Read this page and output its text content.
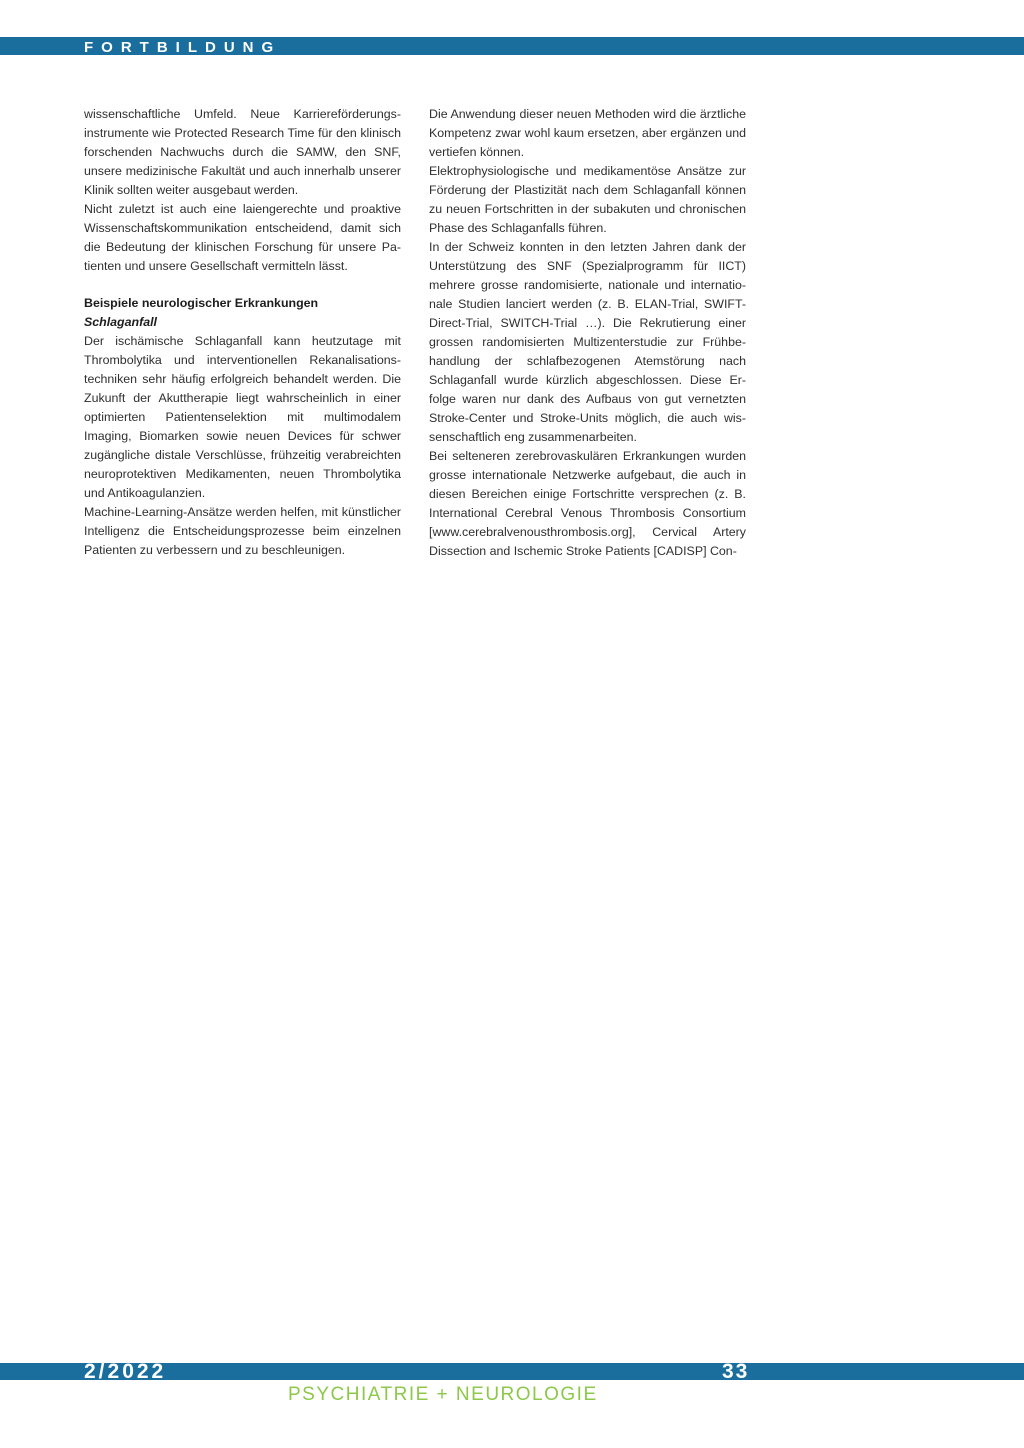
FORTBILDUNG

wissenschaftliche Umfeld. Neue Karriereförderungsinstrumente wie Protected Research Time für den klinisch forschenden Nachwuchs durch die SAMW, den SNF, unsere medizinische Fakultät und auch innerhalb unserer Klinik sollten weiter ausgebaut werden.

Nicht zuletzt ist auch eine laiengerechte und proaktive Wissenschaftskommunikation entscheidend, damit sich die Bedeutung der klinischen Forschung für unsere Patienten und unsere Gesellschaft vermitteln lässt.

Beispiele neurologischer Erkrankungen

Schlaganfall

Der ischämische Schlaganfall kann heutzutage mit Thrombolytika und interventionellen Rekanalisationstechniken sehr häufig erfolgreich behandelt werden. Die Zukunft der Akuttherapie liegt wahrscheinlich in einer optimierten Patientenselektion mit multimodalem Imaging, Biomarken sowie neuen Devices für schwer zugängliche distale Verschlüsse, frühzeitig verabreichten neuroprotektiven Medikamenten, neuen Thrombolytika und Antikoagulanzien.

Machine-Learning-Ansätze werden helfen, mit künstlicher Intelligenz die Entscheidungsprozesse beim einzelnen Patienten zu verbessern und zu beschleunigen.

Die Anwendung dieser neuen Methoden wird die ärztliche Kompetenz zwar wohl kaum ersetzen, aber ergänzen und vertiefen können.

Elektrophysiologische und medikamentöse Ansätze zur Förderung der Plastizität nach dem Schlaganfall können zu neuen Fortschritten in der subakuten und chronischen Phase des Schlaganfalls führen.

In der Schweiz konnten in den letzten Jahren dank der Unterstützung des SNF (Spezialprogramm für IICT) mehrere grosse randomisierte, nationale und internationale Studien lanciert werden (z. B. ELAN-Trial, SWIFT-Direct-Trial, SWITCH-Trial …). Die Rekrutierung einer grossen randomisierten Multizenterstudie zur Frühbehandlung der schlafbezogenen Atemstörung nach Schlaganfall wurde kürzlich abgeschlossen. Diese Erfolge waren nur dank des Aufbaus von gut vernetzten Stroke-Center und Stroke-Units möglich, die auch wissenschaftlich eng zusammenarbeiten.

Bei selteneren zerebrovaskulären Erkrankungen wurden grosse internationale Netzwerke aufgebaut, die auch in diesen Bereichen einige Fortschritte versprechen (z. B. International Cerebral Venous Thrombosis Consortium [www.cerebralvenousthrombosis.org], Cervical Artery Dissection and Ischemic Stroke Patients [CADISP] Con-

2/2022	33
PSYCHIATRIE + NEUROLOGIE
